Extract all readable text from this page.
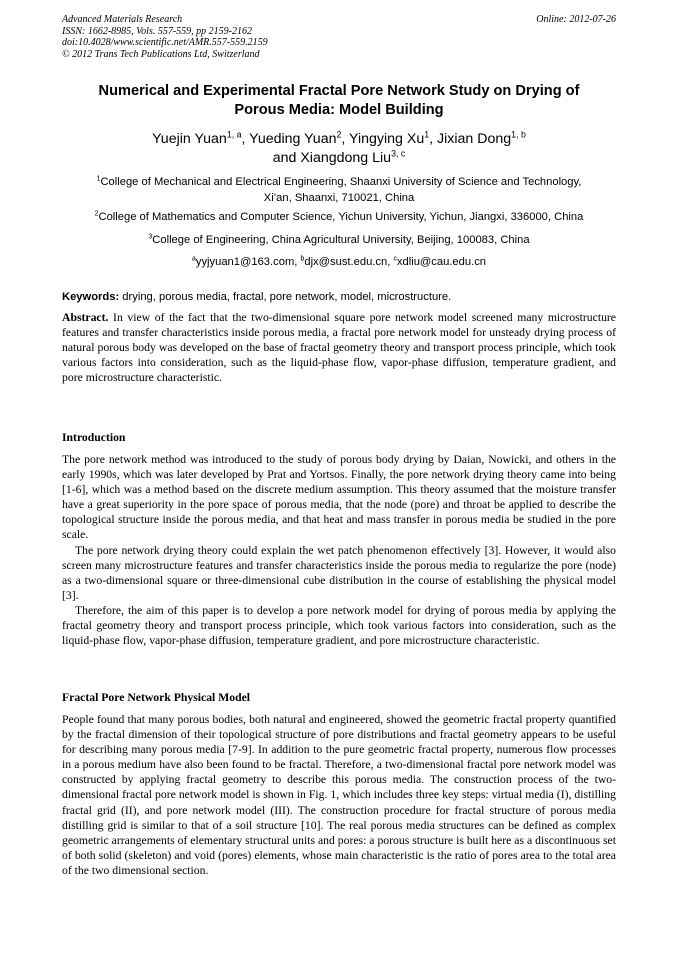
Advanced Materials Research
ISSN: 1662-8985, Vols. 557-559, pp 2159-2162
doi:10.4028/www.scientific.net/AMR.557-559.2159
© 2012 Trans Tech Publications Ltd, Switzerland
Online: 2012-07-26
Numerical and Experimental Fractal Pore Network Study on Drying of
Porous Media: Model Building
Yuejin Yuan$^{1, a}$, Yueding Yuan$^2$, Yingying Xu$^1$, Jixian Dong$^{1, b}$
and Xiangdong Liu$^{3, c}$
$^1$College of Mechanical and Electrical Engineering, Shaanxi University of Science and Technology,
Xi’an, Shaanxi, 710021, China
$^2$College of Mathematics and Computer Science, Yichun University, Yichun, Jiangxi, 336000, China
$^3$College of Engineering, China Agricultural University, Beijing, 100083, China
$^a$yyjyuan1@163.com, $^b$djx@sust.edu.cn, $^c$xdliu@cau.edu.cn
Keywords: drying, porous media, fractal, pore network, model, microstructure.
Abstract. In view of the fact that the two-dimensional square pore network model screened many microstructure features and transfer characteristics inside porous media, a fractal pore network model for unsteady drying process of natural porous body was developed on the base of fractal geometry theory and transport process principle, which took various factors into consideration, such as the liquid-phase flow, vapor-phase diffusion, temperature gradient, and pore microstructure characteristic.
Introduction
The pore network method was introduced to the study of porous body drying by Daian, Nowicki, and others in the early 1990s, which was later developed by Prat and Yortsos. Finally, the pore network drying theory came into being [1-6], which was a method based on the discrete medium assumption. This theory assumed that the moisture transfer have a great superiority in the pore space of porous media, that the node (pore) and throat be applied to describe the topological structure inside the porous media, and that heat and mass transfer in porous media be studied in the pore scale.
The pore network drying theory could explain the wet patch phenomenon effectively [3]. However, it would also screen many microstructure features and transfer characteristics inside the porous media to regularize the pore (node) as a two-dimensional square or three-dimensional cube distribution in the course of establishing the physical model [3].
Therefore, the aim of this paper is to develop a pore network model for drying of porous media by applying the fractal geometry theory and transport process principle, which took various factors into consideration, such as the liquid-phase flow, vapor-phase diffusion, temperature gradient, and pore microstructure characteristic.
Fractal Pore Network Physical Model
People found that many porous bodies, both natural and engineered, showed the geometric fractal property quantified by the fractal dimension of their topological structure of pore distributions and fractal geometry appears to be useful for describing many porous media [7-9]. In addition to the pure geometric fractal property, numerous flow processes in a porous medium have also been found to be fractal. Therefore, a two-dimensional fractal pore network model was constructed by applying fractal geometry to describe this porous media. The construction process of the two-dimensional fractal pore network model is shown in Fig. 1, which includes three key steps: virtual media (I), distilling fractal grid (II), and pore network model (III). The construction procedure for fractal structure of porous media distilling grid is similar to that of a soil structure [10]. The real porous media structures can be defined as complex geometric arrangements of elementary structural units and pores: a porous structure is built here as a discontinuous set of both solid (skeleton) and void (pores) elements, whose main characteristic is the ratio of pores area to the total area of the two dimensional section.
